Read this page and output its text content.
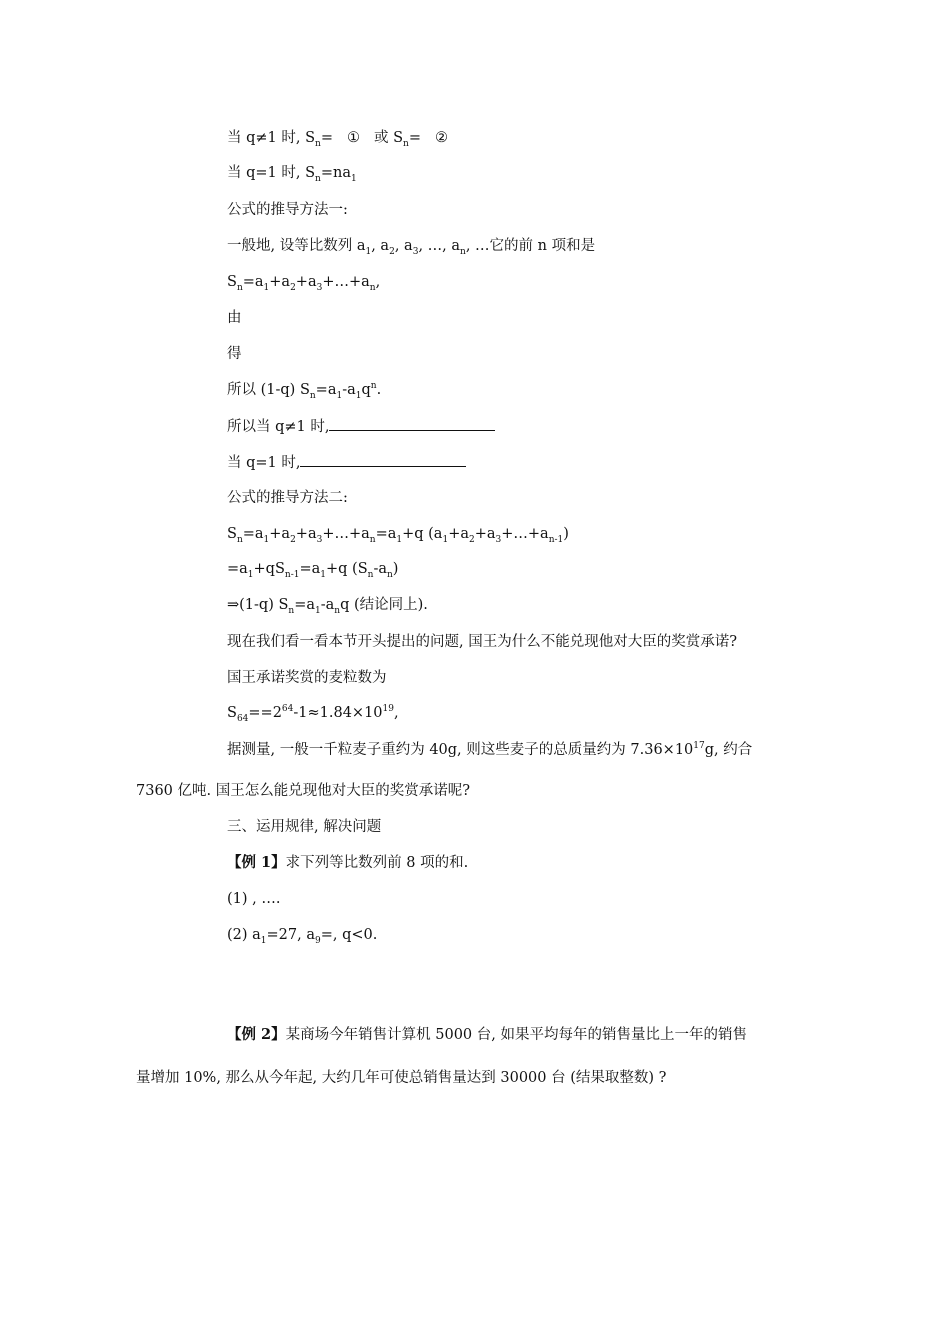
当 q≠1 时, $S_n=$ ① 或 $S_n=$ ②
当 q=1 时, $S_n=na_1$
公式的推导方法一:
一般地, 设等比数列 $a_1$, $a_2$, $a_3$, …, $a_n$, …它的前 n 项和是
$S_n=a_1+a_2+a_3+\dots+a_n$,
由
得
所以 (1-q) $S_n=a_1-a_1q^n$.
所以当 q≠1 时,
当 q=1 时,
公式的推导方法二:
$S_n=a_1+a_2+a_3+\dots+a_n=a_1+q$ $(a_1+a_2+a_3+\dots+a_{n-1})$
$=a_1+qS_{n-1}=a_1+q$ $(S_n-a_n)$
⇒(1-q) $S_n=a_1-a_nq$ (结论同上).
现在我们看一看本节开头提出的问题, 国王为什么不能兑现他对大臣的奖赏承诺?
国王承诺奖赏的麦粒数为
$S_{64}==2^{64}-1\approx 1.84\times 10^{19}$,
据测量, 一般一千粒麦子重约为 40g, 则这些麦子的总质量约为 $7.36\times 10^{17}g$, 约合
7360 亿吨. 国王怎么能兑现他对大臣的奖赏承诺呢?
三、运用规律, 解决问题
【例 1】求下列等比数列前 8 项的和.
(1) , ….
(2) $a_1=27$, $a_9=$, q<0.
【例 2】某商场今年销售计算机 5000 台, 如果平均每年的销售量比上一年的销售
量增加 10%, 那么从今年起, 大约几年可使总销售量达到 30000 台 (结果取整数) ?
